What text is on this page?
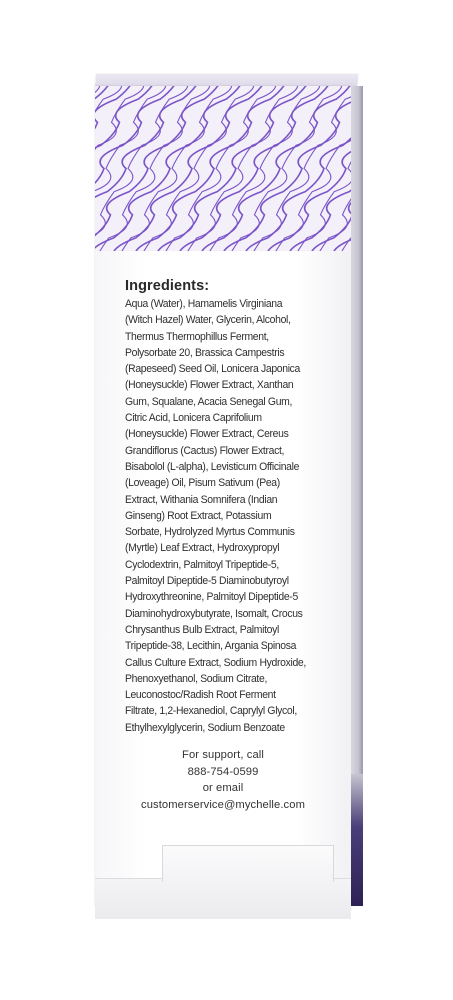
Ingredients:
Aqua (Water), Hamamelis Virginiana
(Witch Hazel) Water, Glycerin, Alcohol,
Thermus Thermophillus Ferment,
Polysorbate 20, Brassica Campestris
(Rapeseed) Seed Oil, Lonicera Japonica
(Honeysuckle) Flower Extract, Xanthan
Gum, Squalane, Acacia Senegal Gum,
Citric Acid, Lonicera Caprifolium
(Honeysuckle) Flower Extract, Cereus
Grandiflorus (Cactus) Flower Extract,
Bisabolol (L-alpha), Levisticum Officinale
(Loveage) Oil, Pisum Sativum (Pea)
Extract, Withania Somnifera (Indian
Ginseng) Root Extract, Potassium
Sorbate, Hydrolyzed Myrtus Communis
(Myrtle) Leaf Extract, Hydroxypropyl
Cyclodextrin, Palmitoyl Tripeptide-5,
Palmitoyl Dipeptide-5 Diaminobutyroyl
Hydroxythreonine, Palmitoyl Dipeptide-5
Diaminohydroxybutyrate, Isomalt, Crocus
Chrysanthus Bulb Extract, Palmitoyl
Tripeptide-38, Lecithin, Argania Spinosa
Callus Culture Extract, Sodium Hydroxide,
Phenoxyethanol, Sodium Citrate,
Leuconostoc/Radish Root Ferment
Filtrate, 1,2-Hexanediol, Caprylyl Glycol,
Ethylhexylglycerin, Sodium Benzoate
For support, call
888-754-0599
or email
customerservice@mychelle.com
